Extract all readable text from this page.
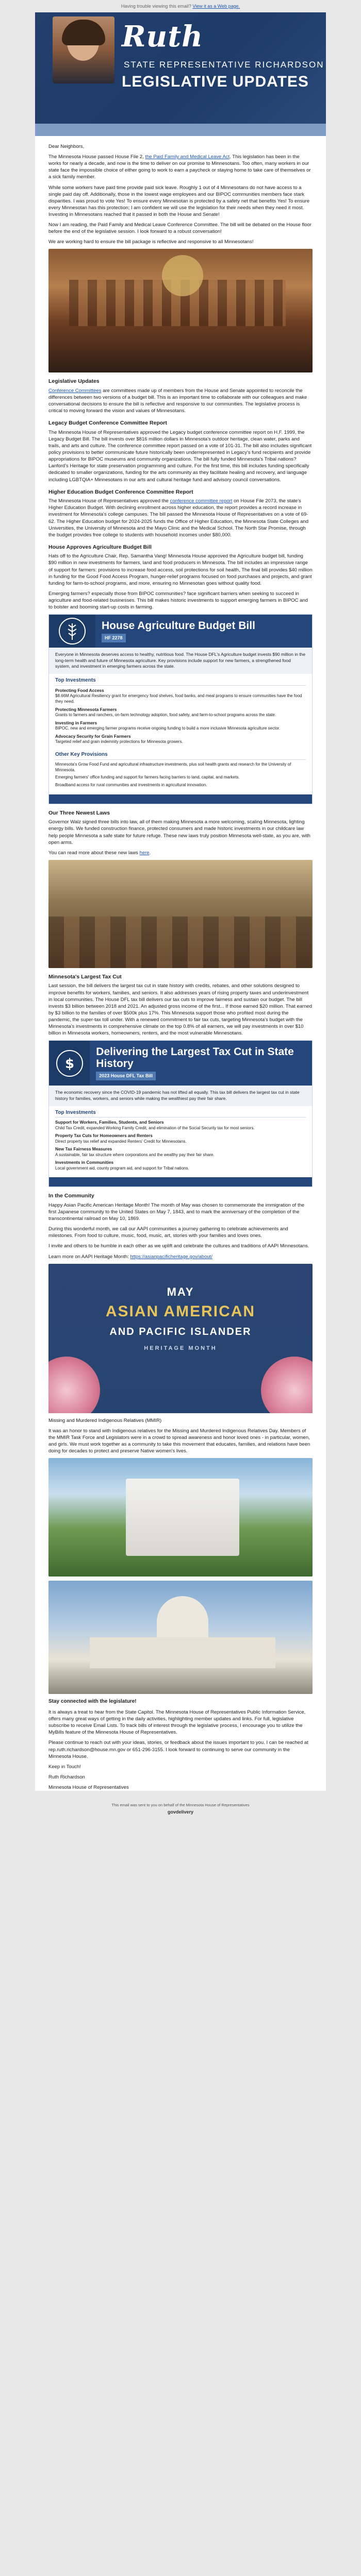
Having trouble viewing this email? View it as a Web page.
Ruth
STATE REPRESENTATIVE RICHARDSON
LEGISLATIVE UPDATES

Dear Neighbors,

The Minnesota House passed House File 2, the Paid Family and Medical Leave Act. This legislation has been in the works for nearly a decade, and now is the time to deliver on our promise to Minnesotans. Too often, many workers in our state face the impossible choice of either going to work to earn a paycheck or staying home to take care of themselves or a sick family member.

While some workers have paid time provide paid sick leave. Roughly 1 out of 4 Minnesotans do not have access to a single paid day off. Additionally, those in the lowest wage employees and our BIPOC communities members face stark disparities. I was proud to vote Yes! To ensure every Minnesotan is protected by a safety net that benefits Yes! To ensure every Minnesotan has this protection; I am confident we will use the legislation for their needs when they need it most. Investing in Minnesotans reached that it passed in both the House and Senate!

Now I am reading, the Paid Family and Medical Leave Conference Committee. The bill will be debated on the House floor before the end of the legislative session. I look forward to a robust conversation!

We are working hard to ensure the bill package is reflective and responsive to all Minnesotans!

Legislative Updates

Conference Committees are committees made up of members from the House and Senate appointed to reconcile the differences between two versions of a budget bill. This is an important time to collaborate with our colleagues and make conversational decisions to ensure the bill is reflective and responsive to our communities. The legislative process is critical to moving forward the vision and values of Minnesotans.

Legacy Budget Conference Committee Report

The Minnesota House of Representatives approved the Legacy budget conference committee report on H.F. 1999, the Legacy Budget Bill. The bill invests over $816 million dollars in Minnesota's outdoor heritage, clean water, parks and trails, and arts and culture. The conference committee report passed on a vote of 101-31. The bill also includes significant policy provisions to better communicate future historically been underrepresented in Legacy's fund recipients and provide appropriations for BIPOC museums and community organizations. The bill fully funded Minnesota's Tribal nations? Lanford's Heritage for state preservation programming and culture. For the first time, this bill includes funding specifically dedicated to smaller organizations, funding for the arts community as they facilitate healing and recovery, and language including LGBTQIA+ Minnesotans in our arts and cultural heritage fund and advisory council conversations.

Higher Education Budget Conference Committee Report

The Minnesota House of Representatives approved the conference committee report on House File 2073, the state's Higher Education Budget. With declining enrollment across higher education, the report provides a record increase in investment for Minnesota's college campuses. The bill passed the Minnesota House of Representatives on a vote of 69-62. The Higher Education budget for 2024-2025 funds the Office of Higher Education, the Minnesota State Colleges and Universities, the University of Minnesota and the Mayo Clinic and the Medical School. The North Star Promise, through the budget provides free college to students with household incomes under $80,000.

House Approves Agriculture Budget Bill

Hats off to the Agriculture Chair, Rep. Samantha Vang! Minnesota House approved the Agriculture budget bill, funding $90 million in new investments for farmers, land and food producers in Minnesota. The bill includes an impressive range of support for farmers: provisions to increase food access, soil protections for soil health, The final bill provides $40 million in funding for the Good Food Access Program, hunger-relief programs focused on food purchases and projects, and grant funding for farm-to-school programs, and more, ensuring no Minnesotan goes without quality food.

Emerging farmers? especially those from BIPOC communities? face significant barriers when seeking to succeed in agriculture and food-related businesses. This bill makes historic investments to support emerging farmers in BIPOC and to bolster and booming start-up costs in farming.

House Agriculture Budget Bill
HF 2278
Everyone in Minnesota deserves access to healthy, nutritious food. The House DFL's Agriculture budget invests $90 million in the long-term health and future of Minnesota agriculture. Key provisions include support for new farmers, a strengthened food system, and investment in emerging farmers across the state.
Top Investments
Protecting Food Access
$8.66M Agricultural Resiliency grant for emergency food shelves, food banks, and meal programs to ensure communities have the food they need.
Protecting Minnesota Farmers
Grants to farmers and ranchers, on-farm technology adoption, food safety, and farm-to-school programs across the state.
Investing in Farmers
BIPOC, new and emerging farmer programs receive ongoing funding to build a more inclusive Minnesota agriculture sector.
Advocacy Security for Grain Farmers
Targeted relief and grain indemnity protections for Minnesota growers.
Other Key Provisions
Minnesota's Grow Food Fund and agricultural infrastructure investments, plus soil health grants and research for the University of Minnesota.
Emerging farmers' office funding and support for farmers facing barriers to land, capital, and markets.
Broadband access for rural communities and investments in agricultural innovation.
Our Three Newest Laws

Governor Walz signed three bills into law, all of them making Minnesota a more welcoming, scaling Minnesota, lighting energy bills. We funded construction finance, protected consumers and made historic investments in our childcare law help people Minnesota a safe state for future refuge. These new laws truly position Minnesota well-state, as you are, with open arms.

You can read more about these new laws here.

Minnesota's Largest Tax Cut

Last session, the bill delivers the largest tax cut in state history with credits, rebates, and other solutions designed to improve benefits for workers, families, and seniors. It also addresses years of rising property taxes and underinvestment in local communities. The House DFL tax bill delivers our tax cuts to improve fairness and sustain our budget. The bill invests $3 billion between 2018 and 2021. An adjusted gross income of the first... If those earned $20 million. That earned by $3 billion to the families of over $500k plus 17%. This Minnesota support those who profited most during the pandemic, the super-tax toll under. With a renewed commitment to fair tax cuts, targeting Minnesota's budget with the Minnesota's investments in comprehensive climate on the top 0.8% of all earners, we will pay investments in over $10 billion in Minnesota workers, homeowners, renters, and the most vulnerable Minnesotans.

$
Delivering the Largest Tax Cut in State History
2023 House DFL Tax Bill
The economic recovery since the COVID-19 pandemic has not lifted all equally. This tax bill delivers the largest tax cut in state history for families, workers, and seniors while making the wealthiest pay their fair share.
Top Investments
Support for Workers, Families, Students, and Seniors
Child Tax Credit, expanded Working Family Credit, and elimination of the Social Security tax for most seniors.
Property Tax Cuts for Homeowners and Renters
Direct property tax relief and expanded Renters' Credit for Minnesotans.
New Tax Fairness Measures
A sustainable, fair tax structure where corporations and the wealthy pay their fair share.
Investments in Communities
Local government aid, county program aid, and support for Tribal nations.
In the Community

Happy Asian Pacific American Heritage Month! The month of May was chosen to commemorate the immigration of the first Japanese community to the United States on May 7, 1843, and to mark the anniversary of the completion of the transcontinental railroad on May 10, 1869.

During this wonderful month, we call our AAPI communities a journey gathering to celebrate achievements and milestones. From food to culture, music, food, music, art, stories with your families and loves ones.

I invite and others to be humble in each other as we uplift and celebrate the cultures and traditions of AAPI Minnesotans.

Learn more on AAPI Heritage Month: https://asianpacificheritage.gov/about/

MAY
ASIAN AMERICAN
AND PACIFIC ISLANDER
HERITAGE MONTH

Missing and Murdered Indigenous Relatives (MMIR)

It was an honor to stand with Indigenous relatives for the Missing and Murdered Indigenous Relatives Day. Members of the MMIR Task Force and Legislators were in a crowd to spread awareness and honor loved ones - in particular, women, and girls. We must work together as a community to take this movement that educates, families, and relations have been doing for decades to protect and preserve Native women's lives.

Stay connected with the legislature!

It is always a treat to hear from the State Capitol. The Minnesota House of Representatives Public Information Service, offers many great ways of getting in the daily activities, highlighting member updates and links. For full, legislative subscribe to receive Email Lists. To track bills of interest through the legislative process, I encourage you to utilize the MyBills feature of the Minnesota House of Representatives.

Please continue to reach out with your ideas, stories, or feedback about the issues important to you. I can be reached at rep.ruth.richardson@house.mn.gov or 651-296-3155. I look forward to continuing to serve our community in the Minnesota House.

Keep in Touch!

Ruth Richardson

Minnesota House of Representatives

This email was sent to you on behalf of the Minnesota House of Representatives
govdelivery
